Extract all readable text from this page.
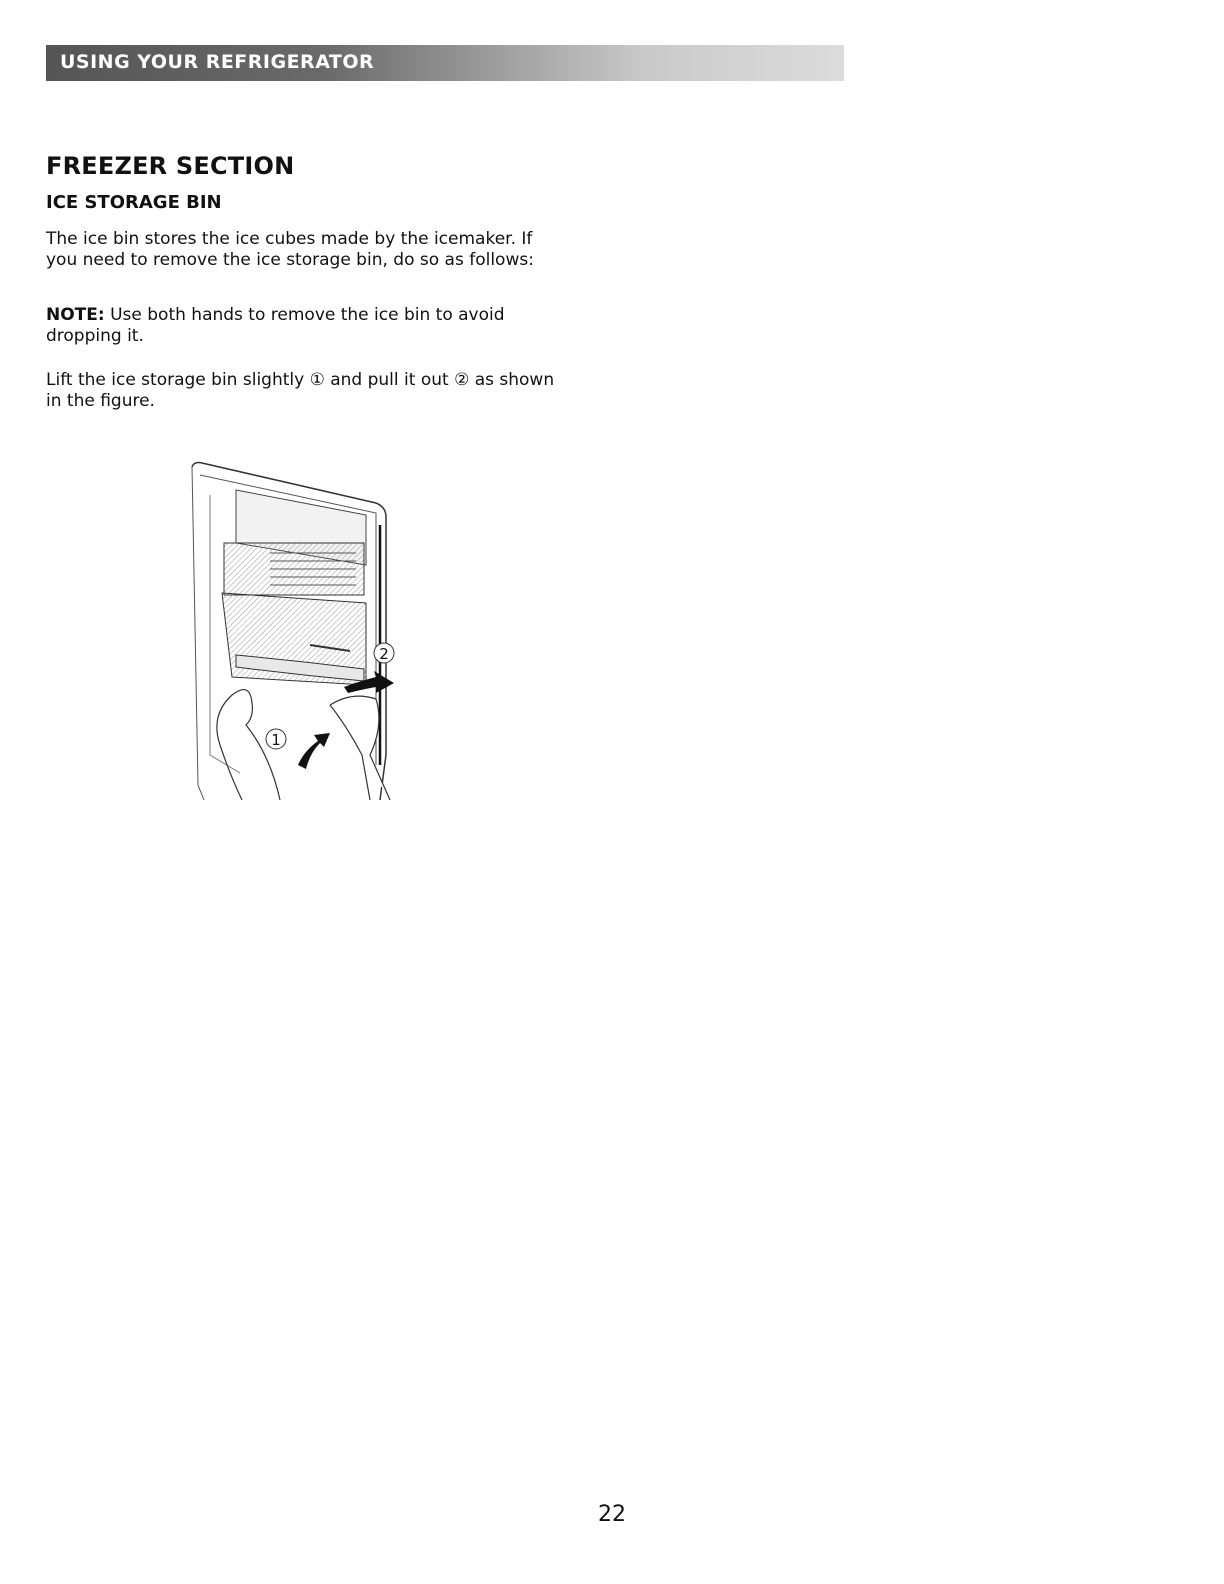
USING YOUR REFRIGERATOR
FREEZER SECTION
ICE STORAGE BIN
The ice bin stores the ice cubes made by the icemaker. If you need to remove the ice storage bin, do so as follows:
NOTE: Use both hands to remove the ice bin to avoid dropping it.
Lift the ice storage bin slightly ① and pull it out ② as shown in the figure.
1
2
22
